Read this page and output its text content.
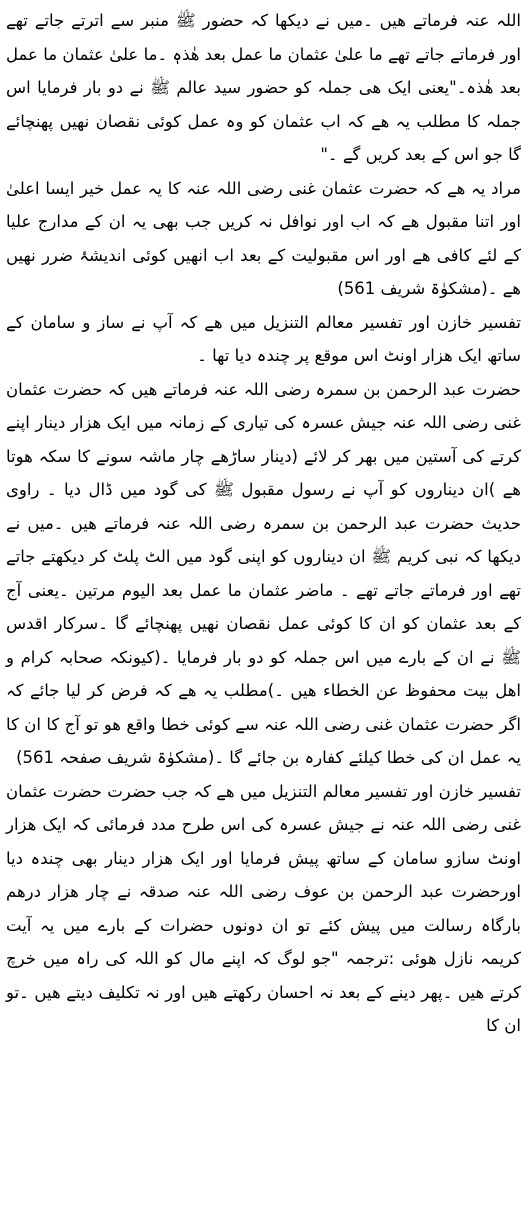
اللہ عنہ فرماتے ھیں ۔میں نے دیکھا کہ حضور ﷺ منبر سے اترتے جاتے تھے اور فرماتے جاتے تھے ما علیٰ عثمان ما عمل بعد ھٰذہٖ ۔ما علیٰ عثمان ما عمل بعد ھٰذہ۔"یعنی ایک ھی جملہ کو حضور سید عالم ﷺ نے دو بار فرمایا اس جملہ کا مطلب یہ ھے کہ اب عثمان کو وہ عمل کوئی نقصان نھیں پھنچائے گا جو اس کے بعد کریں گے ۔"

مراد یہ ھے کہ حضرت عثمان غنی رضی اللہ عنہ کا یہ عمل خیر ایسا اعلیٰ اور اتنا مقبول ھے کہ اب اور نوافل نہ کریں جب بھی یہ ان کے مدارج علیا کے لئے کافی ھے اور اس مقبولیت کے بعد اب انھیں کوئی اندیشۂ ضرر نھیں ھے ۔(مشکوٰۃ شریف 561)

تفسیر خازن اور تفسیر معالم التنزیل میں ھے کہ آپ نے ساز و سامان کے ساتھ ایک ھزار اونٹ اس موقع پر چندہ دیا تھا ۔

حضرت عبد الرحمن بن سمرہ رضی اللہ عنہ فرماتے ھیں کہ حضرت عثمان غنی رضی اللہ عنہ جیش عسرہ کی تیاری کے زمانہ میں ایک ھزار دینار اپنے کرتے کی آستین میں بھر کر لائے (دینار ساڑھے چار ماشہ سونے کا سکہ ھوتا ھے )ان دیناروں کو آپ نے رسول مقبول ﷺ کی گود میں ڈال دیا ۔ راوی حدیث حضرت عبد الرحمن بن سمرہ رضی اللہ عنہ فرماتے ھیں ۔میں نے دیکھا کہ نبی کریم ﷺ ان دیناروں کو اپنی گود میں الٹ پلٹ کر دیکھتے جاتے تھے اور فرماتے جاتے تھے ۔ ماضر عثمان ما عمل بعد الیوم مرتین ۔یعنی آج کے بعد عثمان کو ان کا کوئی عمل نقصان نھیں پھنچائے گا ۔سرکار اقدس ﷺ نے ان کے بارے میں اس جملہ کو دو بار فرمایا ۔(کیونکہ صحابہ کرام و اھل بیت محفوظ عن الخطاء ھیں ۔)مطلب یہ ھے کہ فرض کر لیا جائے کہ اگر حضرت عثمان غنی رضی اللہ عنہ سے کوئی خطا واقع ھو تو آج کا ان کا یہ عمل ان کی خطا کیلئے کفارہ بن جائے گا ۔(مشکوٰۃ شریف صفحہ 561)

تفسیر خازن اور تفسیر معالم التنزیل میں ھے کہ جب حضرت حضرت عثمان غنی رضی اللہ عنہ نے جیش عسرہ کی اس طرح مدد فرمائی کہ ایک ھزار اونٹ سازو سامان کے ساتھ پیش فرمایا اور ایک ھزار دینار بھی چندہ دیا اورحضرت عبد الرحمن بن عوف رضی اللہ عنہ صدقہ نے چار ھزار درھم بارگاہ رسالت میں پیش کئے تو ان دونوں حضرات کے بارے میں یہ آیت کریمہ نازل ھوئی :ترجمہ "جو لوگ کہ اپنے مال کو اللہ کی راہ میں خرچ کرتے ھیں ۔پھر دینے کے بعد نہ احسان رکھتے ھیں اور نہ تکلیف دیتے ھیں ۔تو ان کا
